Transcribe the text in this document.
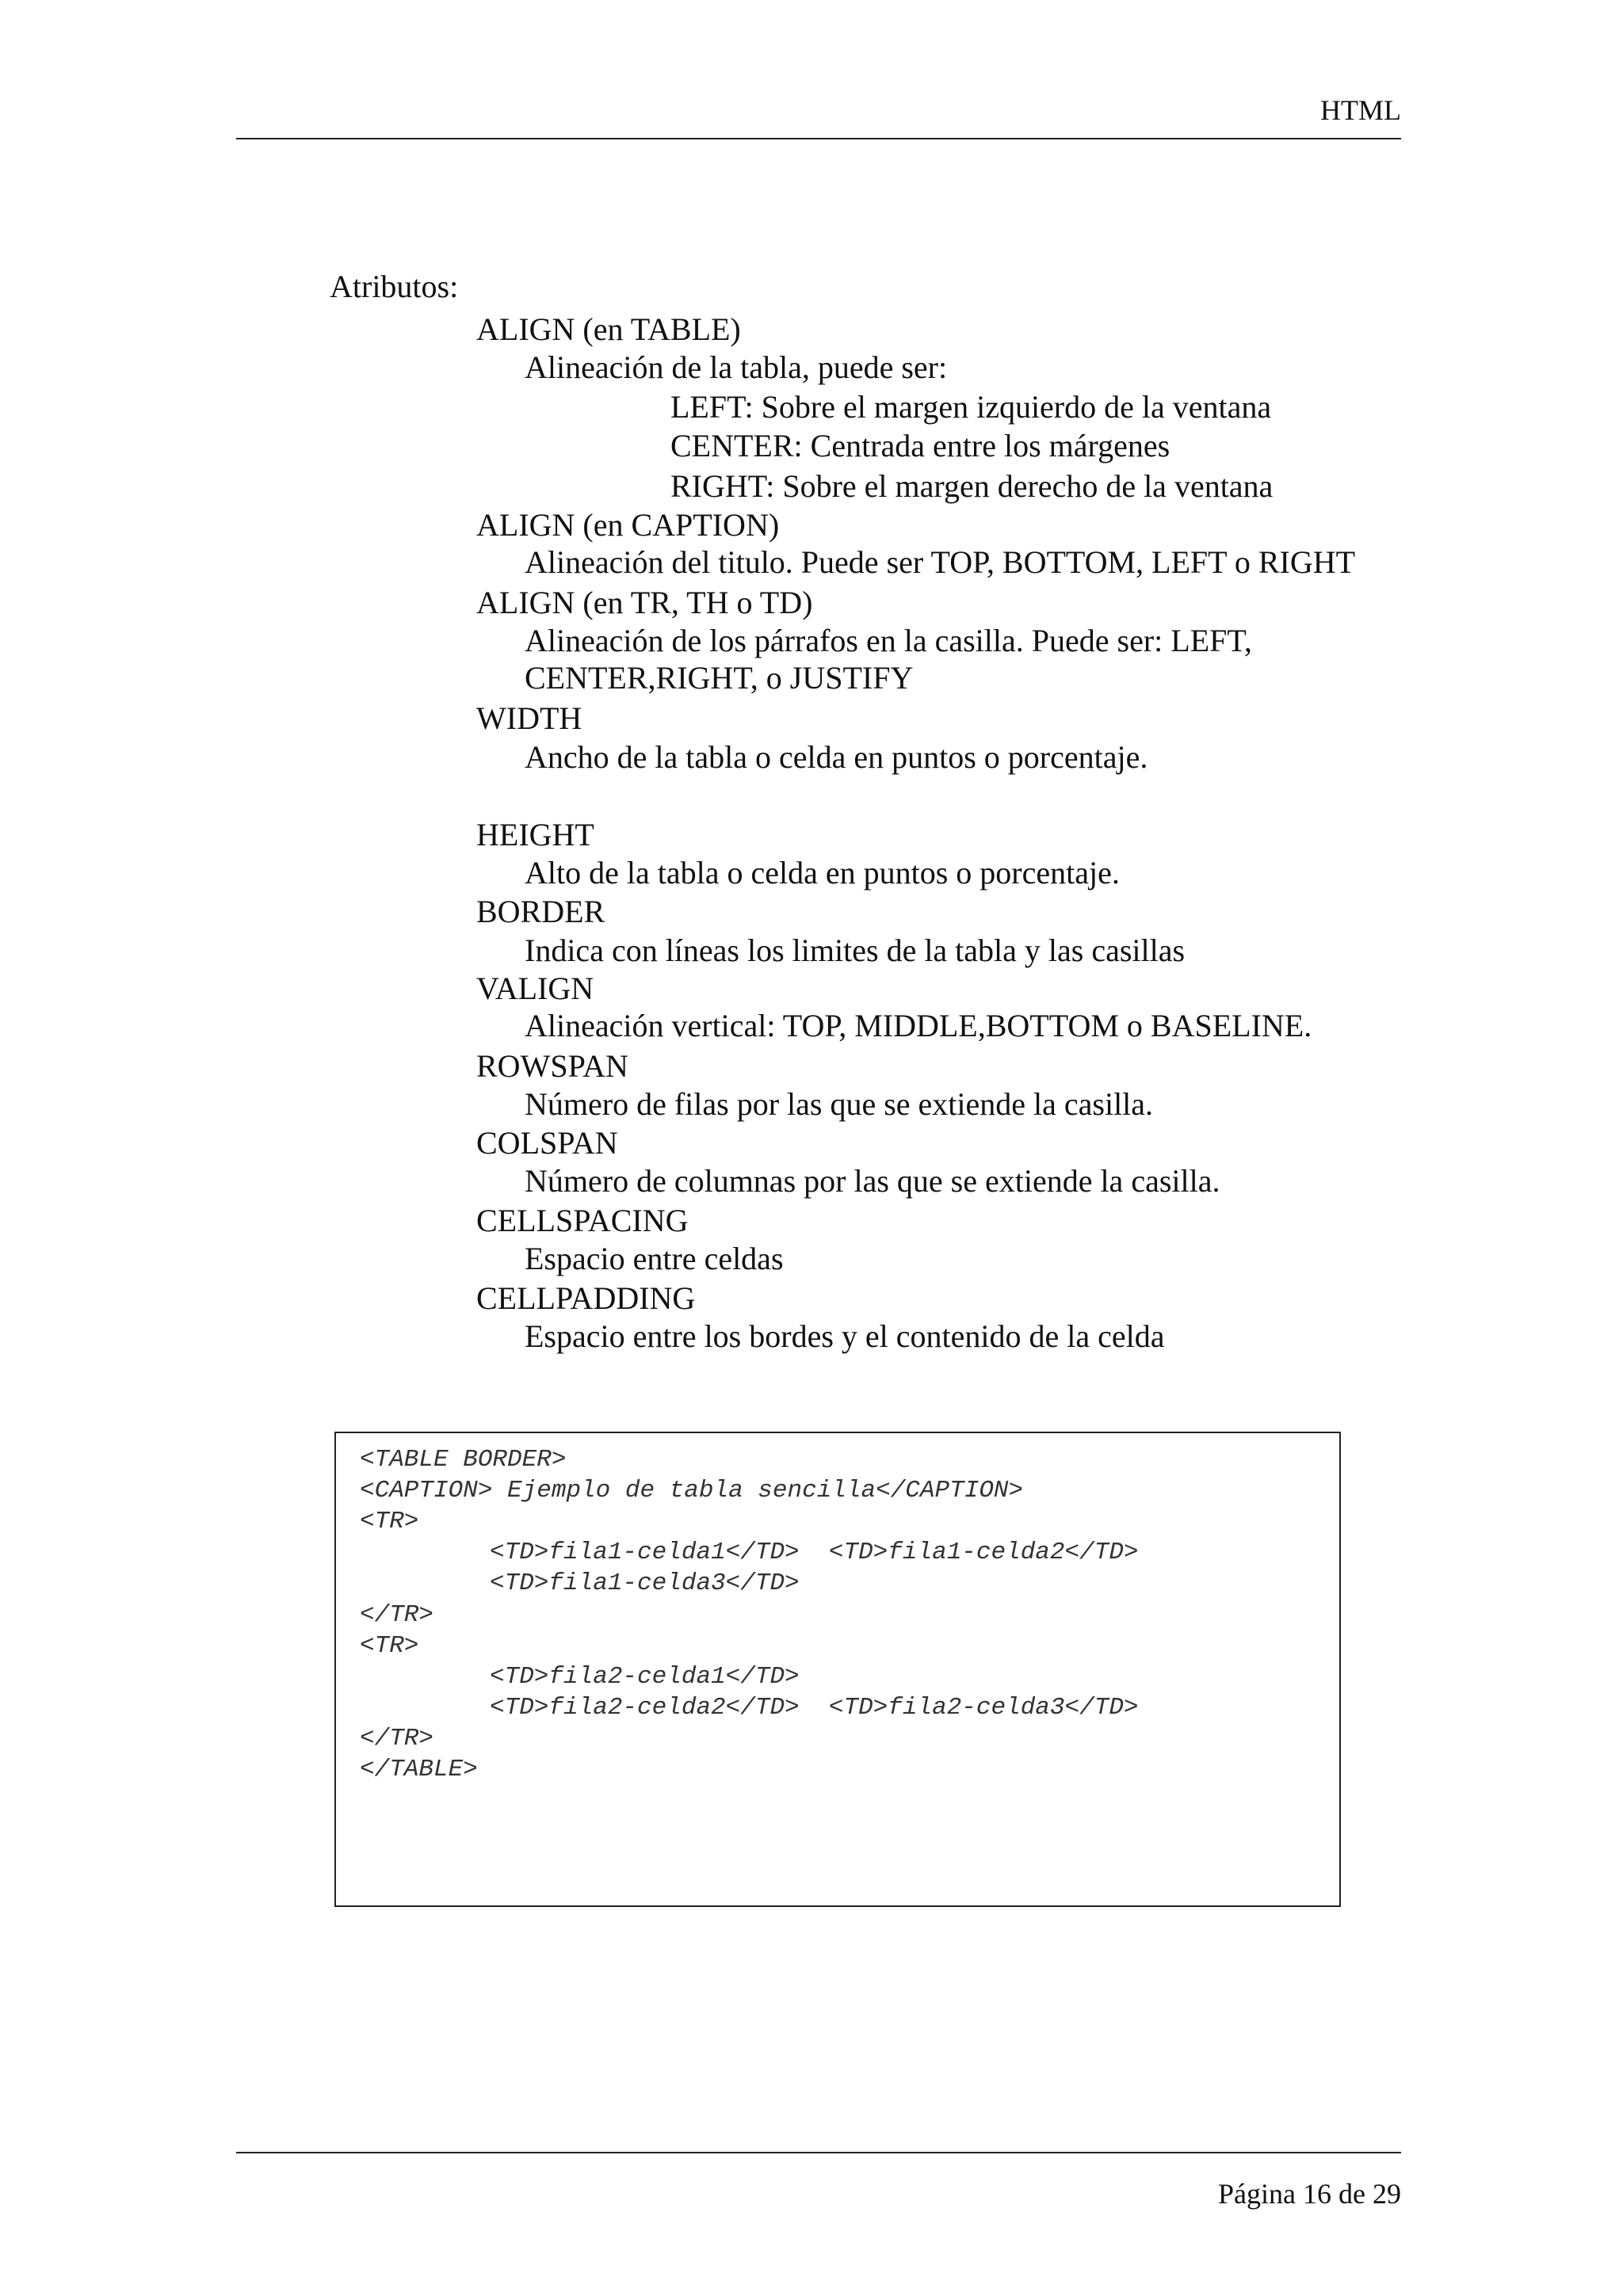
HTML
Atributos:
ALIGN (en TABLE)
Alineación de la tabla, puede ser:
LEFT: Sobre el margen izquierdo de la ventana
CENTER: Centrada entre los márgenes
RIGHT: Sobre el margen derecho de la ventana
ALIGN (en CAPTION)
Alineación del titulo. Puede ser TOP, BOTTOM, LEFT o RIGHT
ALIGN (en TR, TH o TD)
Alineación de los párrafos en la casilla. Puede ser: LEFT,
CENTER,RIGHT, o JUSTIFY
WIDTH
Ancho de la tabla o celda en puntos o porcentaje.
HEIGHT
Alto de la tabla o celda en puntos o porcentaje.
BORDER
Indica con líneas los limites de la tabla y las casillas
VALIGN
Alineación vertical: TOP, MIDDLE,BOTTOM o BASELINE.
ROWSPAN
Número de filas por las que se extiende la casilla.
COLSPAN
Número de columnas por las que se extiende la casilla.
CELLSPACING
Espacio entre celdas
CELLPADDING
Espacio entre los bordes y el contenido de la celda
<TABLE BORDER>
<CAPTION> Ejemplo de tabla sencilla</CAPTION>
<TR>
<TD>fila1-celda1</TD>  <TD>fila1-celda2</TD>
<TD>fila1-celda3</TD>
</TR>
<TR>
<TD>fila2-celda1</TD>
<TD>fila2-celda2</TD>  <TD>fila2-celda3</TD>
</TR>
</TABLE>
Página 16 de 29
